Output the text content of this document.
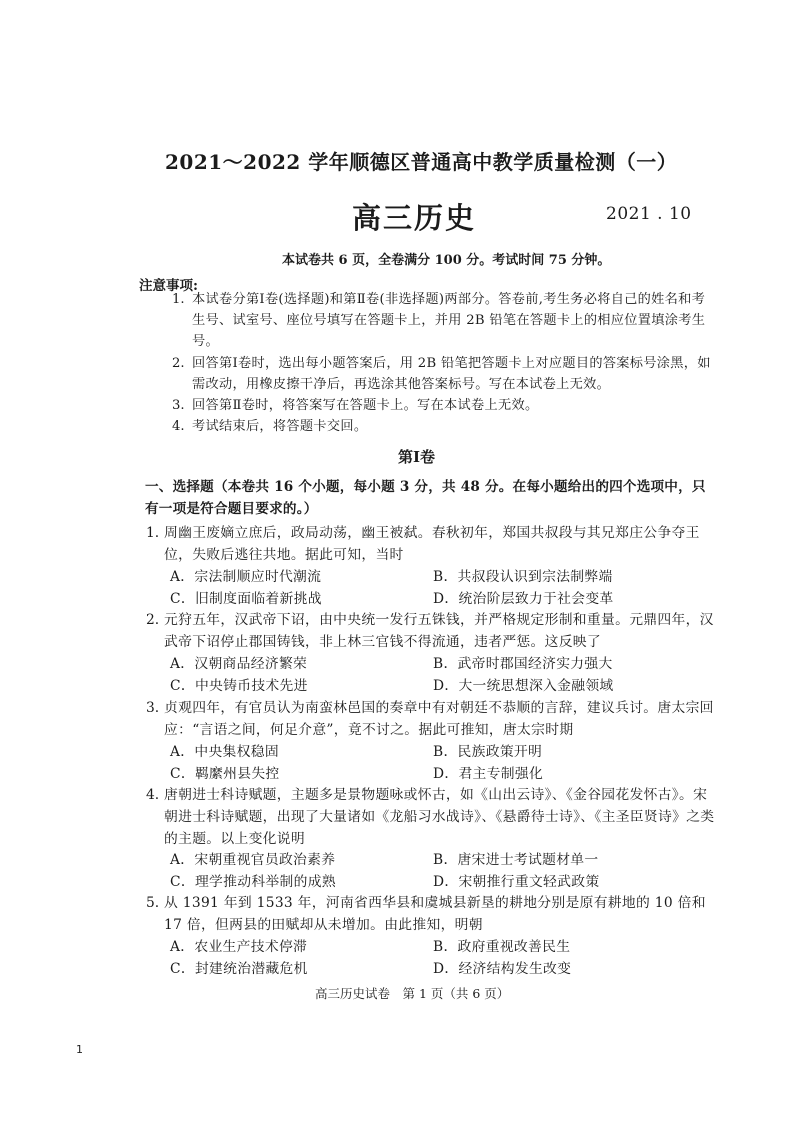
2021～2022 学年顺德区普通高中教学质量检测（一）
高三历史	2021 . 10
本试卷共 6 页，全卷满分 100 分。考试时间 75 分钟。
注意事项:
1. 本试卷分第Ⅰ卷(选择题)和第Ⅱ卷(非选择题)两部分。答卷前,考生务必将自己的姓名和考生号、试室号、座位号填写在答题卡上，并用 2B 铅笔在答题卡上的相应位置填涂考生号。
2. 回答第Ⅰ卷时，选出每小题答案后，用 2B 铅笔把答题卡上对应题目的答案标号涂黑，如需改动，用橡皮擦干净后，再选涂其他答案标号。写在本试卷上无效。
3. 回答第Ⅱ卷时，将答案写在答题卡上。写在本试卷上无效。
4. 考试结束后，将答题卡交回。
第Ⅰ卷
一、选择题（本卷共 16 个小题，每小题 3 分，共 48 分。在每小题给出的四个选项中，只有一项是符合题目要求的。）
1. 周幽王废嫡立庶后，政局动荡，幽王被弑。春秋初年，郑国共叔段与其兄郑庄公争夺王位，失败后逃往共地。据此可知，当时
A．宗法制顺应时代潮流	B．共叔段认识到宗法制弊端
C．旧制度面临着新挑战	D．统治阶层致力于社会变革
2. 元狩五年，汉武帝下诏，由中央统一发行五铢钱，并严格规定形制和重量。元鼎四年，汉武帝下诏停止郡国铸钱，非上林三官钱不得流通，违者严惩。这反映了
A．汉朝商品经济繁荣	B．武帝时郡国经济实力强大
C．中央铸币技术先进	D．大一统思想深入金融领域
3. 贞观四年，有官员认为南蛮林邑国的奏章中有对朝廷不恭顺的言辞，建议兵讨。唐太宗回应：“言语之间，何足介意”，竟不讨之。据此可推知，唐太宗时期
A．中央集权稳固	B．民族政策开明
C．羁縻州县失控	D．君主专制强化
4. 唐朝进士科诗赋题，主题多是景物题咏或怀古，如《山出云诗》、《金谷园花发怀古》。宋朝进士科诗赋题，出现了大量诸如《龙船习水战诗》、《悬爵待士诗》、《主圣臣贤诗》之类的主题。以上变化说明
A．宋朝重视官员政治素养	B．唐宋进士考试题材单一
C．理学推动科举制的成熟	D．宋朝推行重文轻武政策
5. 从 1391 年到 1533 年，河南省西华县和虞城县新垦的耕地分别是原有耕地的 10 倍和 17 倍，但两县的田赋却从未增加。由此推知，明朝
A．农业生产技术停滞	B．政府重视改善民生
C．封建统治潜藏危机	D．经济结构发生改变
高三历史试卷　第 1 页（共 6 页）
1
